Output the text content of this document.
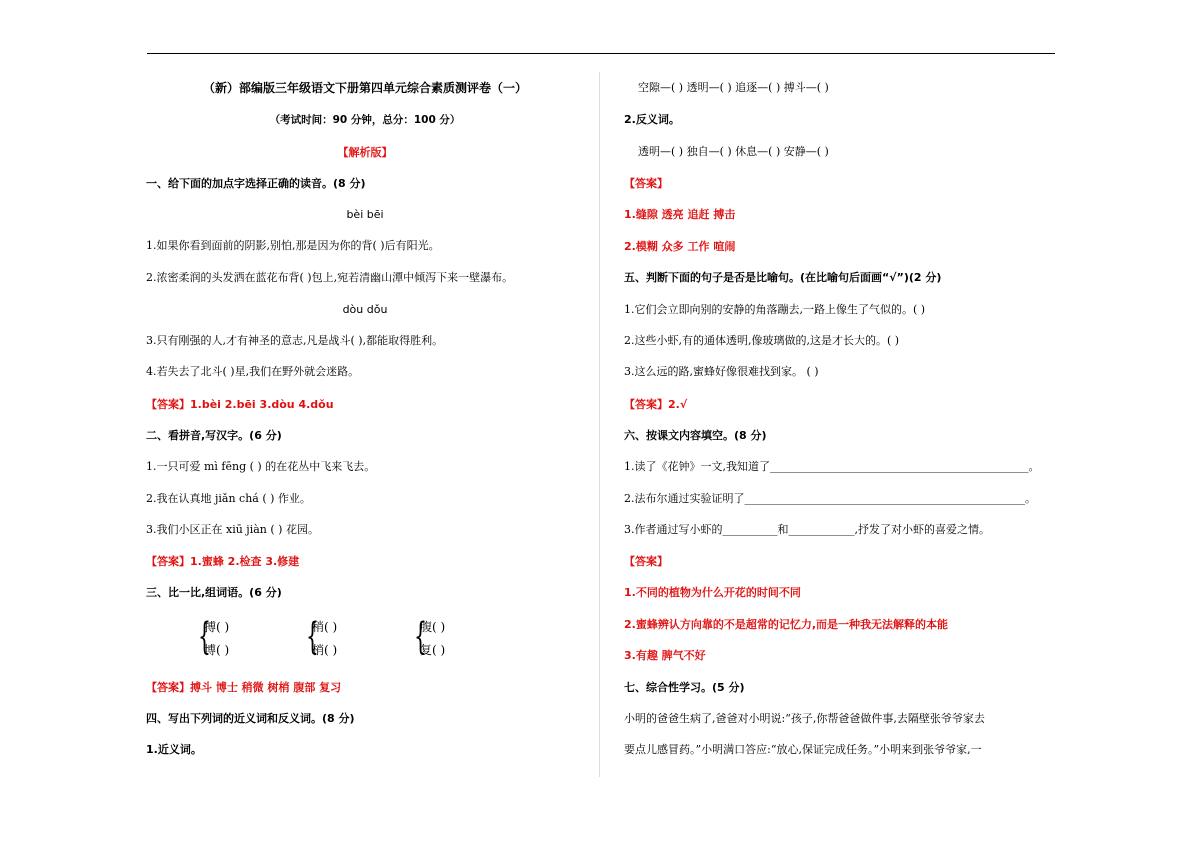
（新）部编版三年级语文下册第四单元综合素质测评卷（一）
（考试时间：90 分钟，总分：100 分）
【解析版】
一、给下面的加点字选择正确的读音。(8 分)
bèi bēi
1.如果你看到面前的阴影,别怕,那是因为你的背( )后有阳光。
2.浓密柔润的头发洒在蓝花布背( )包上,宛若清幽山潭中倾泻下来一壁瀑布。
dòu dǒu
3.只有刚强的人,才有神圣的意志,凡是战斗( ),都能取得胜利。
4.若失去了北斗( )星,我们在野外就会迷路。
【答案】1.bèi 2.bēi 3.dòu 4.dǒu
二、看拼音,写汉字。(6 分)
1.一只可爱 mì fēng ( ) 的在花丛中飞来飞去。
2.我在认真地 jiǎn chá ( ) 作业。
3.我们小区正在 xiū jiàn ( ) 花园。
【答案】1.蜜蜂 2.检查 3.修建
三、比一比,组词语。(6 分)
{
搏( )
博( ) {
稍( )
梢( ) {
腹( )
复( )
【答案】搏斗 博士 稍微 树梢 腹部 复习
四、写出下列词的近义词和反义词。(8 分)
1.近义词。
空隙—( ) 透明—( ) 追逐—( ) 搏斗—( )
2.反义词。
透明—( ) 独自—( ) 休息—( ) 安静—( )
【答案】
1.缝隙 透亮 追赶 搏击
2.模糊 众多 工作 喧闹
五、判断下面的句子是否是比喻句。(在比喻句后面画“√”)(2 分)
1.它们会立即向别的安静的角落蹦去,一路上像生了气似的。( )
2.这些小虾,有的通体透明,像玻璃做的,这是才长大的。( )
3.这么远的路,蜜蜂好像很难找到家。 ( )
【答案】2.√
六、按课文内容填空。(8 分)
1.读了《花钟》一文,我知道了_______________________________________________。
2.法布尔通过实验证明了___________________________________________________。
3.作者通过写小虾的__________和____________,抒发了对小虾的喜爱之情。
【答案】
1.不同的植物为什么开花的时间不同
2.蜜蜂辨认方向靠的不是超常的记忆力,而是一种我无法解释的本能
3.有趣 脾气不好
七、综合性学习。(5 分)
小明的爸爸生病了,爸爸对小明说:“孩子,你帮爸爸做件事,去隔壁张爷爷家去
要点儿感冒药。”小明满口答应:“放心,保证完成任务。”小明来到张爷爷家,一
